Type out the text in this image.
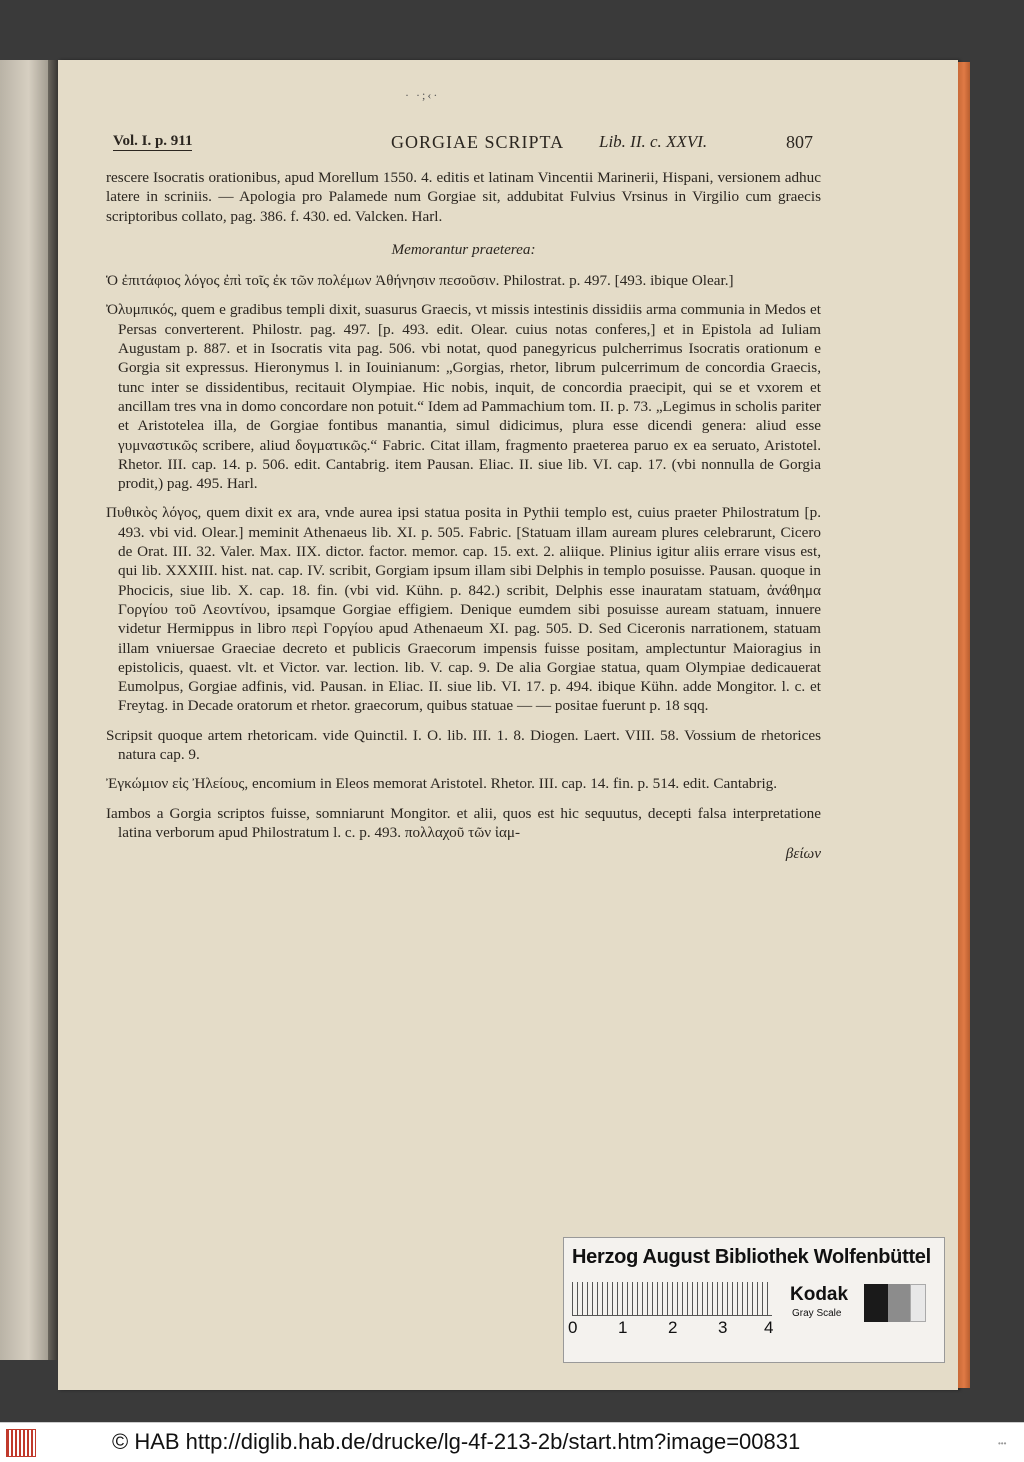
· ·;‹·
Vol. I. p. 911	GORGIAE SCRIPTA Lib. II. c. XXVI.	807

rescere Isocratis orationibus, apud Morellum 1550. 4. editis et latinam Vincentii Marinerii, Hispani, versionem adhuc latere in scriniis. — Apologia pro Palamede num Gorgiae sit, addubitat Fulvius Vrsinus in Virgilio cum graecis scriptoribus collato, pag. 386. f. 430. ed. Valcken. Harl.

Memorantur praeterea:

Ὁ ἐπιτάφιος λόγος ἐπὶ τοῖς ἐκ τῶν πολέμων Ἀθήνησιν πεσοῦσιν. Philostrat. p. 497. [493. ibique Olear.]

Ὀλυμπικός, quem e gradibus templi dixit, suasurus Graecis, vt missis intestinis dissidiis arma communia in Medos et Persas converterent. Philostr. pag. 497. [p. 493. edit. Olear. cuius notas conferes,] et in Epistola ad Iuliam Augustam p. 887. et in Isocratis vita pag. 506. vbi notat, quod panegyricus pulcherrimus Isocratis orationum e Gorgia sit expressus. Hieronymus l. in Iouinianum: „Gorgias, rhetor, librum pulcerrimum de concordia Graecis, tunc inter se dissidentibus, recitauit Olympiae. Hic nobis, inquit, de concordia praecipit, qui se et vxorem et ancillam tres vna in domo concordare non potuit.“ Idem ad Pammachium tom. II. p. 73. „Legimus in scholis pariter et Aristotelea illa, de Gorgiae fontibus manantia, simul didicimus, plura esse dicendi genera: aliud esse γυμναστικῶς scribere, aliud δογματικῶς.“ Fabric. Citat illam, fragmento praeterea paruo ex ea seruato, Aristotel. Rhetor. III. cap. 14. p. 506. edit. Cantabrig. item Pausan. Eliac. II. siue lib. VI. cap. 17. (vbi nonnulla de Gorgia prodit,) pag. 495. Harl.

Πυθικὸς λόγος, quem dixit ex ara, vnde aurea ipsi statua posita in Pythii templo est, cuius praeter Philostratum [p. 493. vbi vid. Olear.] meminit Athenaeus lib. XI. p. 505. Fabric. [Statuam illam auream plures celebrarunt, Cicero de Orat. III. 32. Valer. Max. IIX. dictor. factor. memor. cap. 15. ext. 2. aliique. Plinius igitur aliis errare visus est, qui lib. XXXIII. hist. nat. cap. IV. scribit, Gorgiam ipsum illam sibi Delphis in templo posuisse. Pausan. quoque in Phocicis, siue lib. X. cap. 18. fin. (vbi vid. Kühn. p. 842.) scribit, Delphis esse inauratam statuam, ἀνάθημα Γοργίου τοῦ Λεοντίνου, ipsamque Gorgiae effigiem. Denique eumdem sibi posuisse auream statuam, innuere videtur Hermippus in libro περὶ Γοργίου apud Athenaeum XI. pag. 505. D. Sed Ciceronis narrationem, statuam illam vniuersae Graeciae decreto et publicis Graecorum impensis fuisse positam, amplectuntur Maioragius in epistolicis, quaest. vlt. et Victor. var. lection. lib. V. cap. 9. De alia Gorgiae statua, quam Olympiae dedicauerat Eumolpus, Gorgiae adfinis, vid. Pausan. in Eliac. II. siue lib. VI. 17. p. 494. ibique Kühn. adde Mongitor. l. c. et Freytag. in Decade oratorum et rhetor. graecorum, quibus statuae — — positae fuerunt p. 18 sqq.

Scripsit quoque artem rhetoricam. vide Quinctil. I. O. lib. III. 1. 8. Diogen. Laert. VIII. 58. Vossium de rhetorices natura cap. 9.

Ἐγκώμιον εἰς Ἠλείους, encomium in Eleos memorat Aristotel. Rhetor. III. cap. 14. fin. p. 514. edit. Cantabrig.

Iambos a Gorgia scriptos fuisse, somniarunt Mongitor. et alii, quos est hic sequutus, decepti falsa interpretatione latina verborum apud Philostratum l. c. p. 493. πολλαχοῦ τῶν ἰαμ-

βείων

Herzog August Bibliothek Wolfenbüttel
0 1 2 3 4
Kodak
Gray Scale
© HAB http://diglib.hab.de/drucke/lg-4f-213-2b/start.htm?image=00831	•••
